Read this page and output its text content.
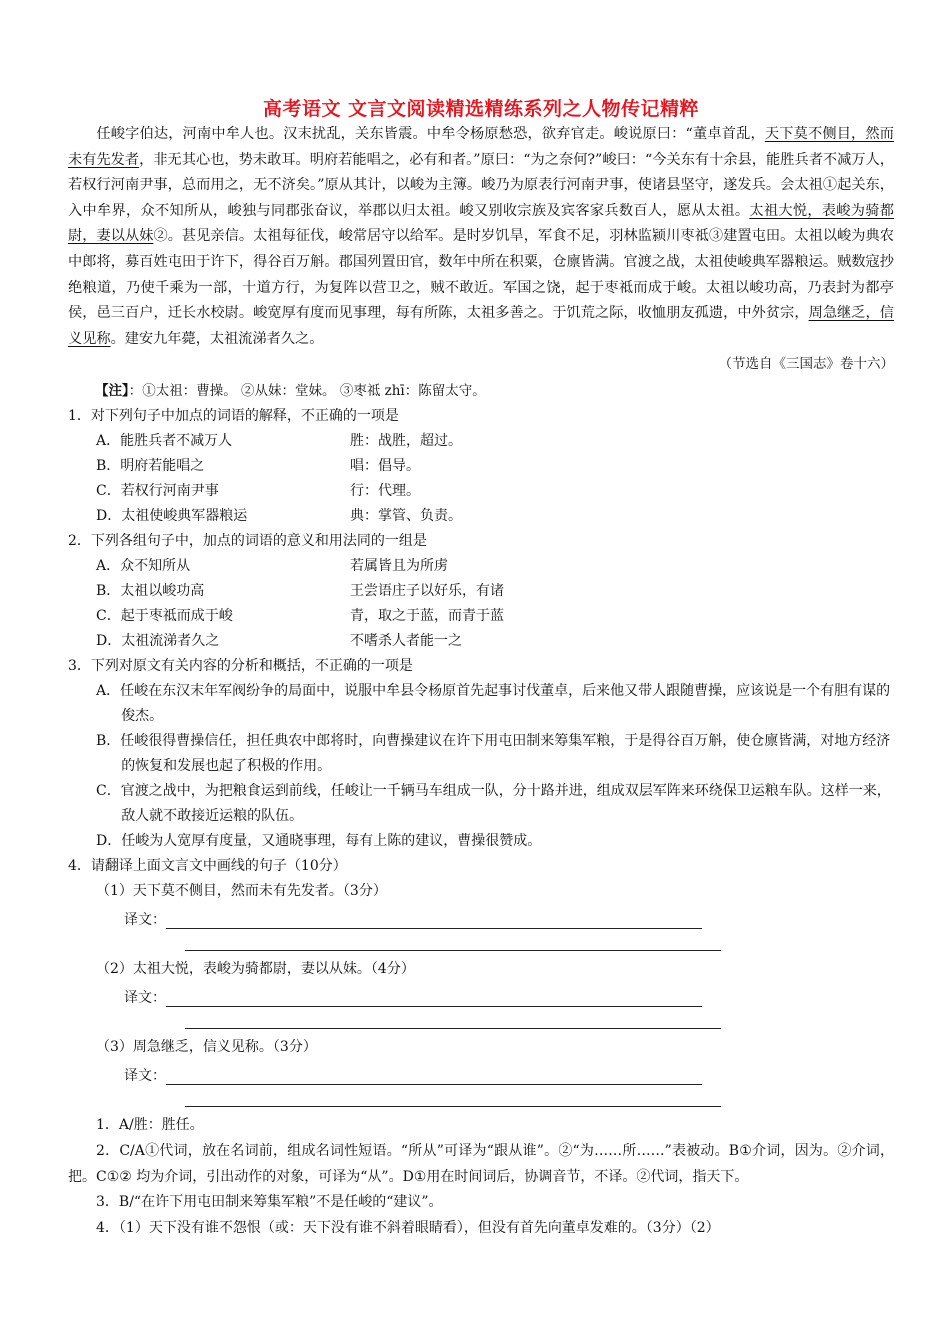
高考语文 文言文阅读精选精练系列之人物传记精粹

任峻字伯达，河南中牟人也。汉末扰乱，关东皆震。中牟令杨原愁恐，欲弃官走。峻说原曰：“董卓首乱，天下莫不侧目，然而未有先发者，非无其心也，势未敢耳。明府若能唱之，必有和者。”原曰：“为之奈何?”峻曰：“今关东有十余县，能胜兵者不减万人，若权行河南尹事，总而用之，无不济矣。”原从其计，以峻为主簿。峻乃为原表行河南尹事，使诸县坚守，遂发兵。会太祖①起关东，入中牟界，众不知所从，峻独与同郡张奋议，举郡以归太祖。峻又别收宗族及宾客家兵数百人，愿从太祖。太祖大悦，表峻为骑都尉，妻以从妹②。甚见亲信。太祖每征伐，峻常居守以给军。是时岁饥旱，军食不足，羽林监颍川枣祗③建置屯田。太祖以峻为典农中郎将，募百姓屯田于许下，得谷百万斛。郡国列置田官，数年中所在积粟，仓廪皆满。官渡之战，太祖使峻典军器粮运。贼数寇抄绝粮道，乃使千乘为一部，十道方行，为复阵以营卫之，贼不敢近。军国之饶，起于枣祗而成于峻。太祖以峻功高，乃表封为都亭侯，邑三百户，迁长水校尉。峻宽厚有度而见事理，每有所陈，太祖多善之。于饥荒之际，收恤朋友孤遗，中外贫宗，周急继乏，信义见称。建安九年薨，太祖流涕者久之。

（节选自《三国志》卷十六）

【注】：①太祖：曹操。 ②从妹：堂妹。 ③枣祗 zhī：陈留太守。

1．对下列句子中加点的词语的解释，不正确的一项是

A．能胜兵者不减万人	胜：战胜，超过。
B．明府若能唱之	唱：倡导。
C．若权行河南尹事	行：代理。
D．太祖使峻典军器粮运	典：掌管、负责。

2．下列各组句子中，加点的词语的意义和用法同的一组是

A．众不知所从	若属皆且为所虏
B．太祖以峻功高	王尝语庄子以好乐，有诸
C．起于枣祗而成于峻	青，取之于蓝，而青于蓝
D．太祖流涕者久之	不嗜杀人者能一之

3．下列对原文有关内容的分析和概括，不正确的一项是

A．任峻在东汉末年军阀纷争的局面中，说服中牟县令杨原首先起事讨伐董卓，后来他又带人跟随曹操，应该说是一个有胆有谋的俊杰。
B．任峻很得曹操信任，担任典农中郎将时，向曹操建议在许下用屯田制来筹集军粮，于是得谷百万斛，使仓廪皆满，对地方经济的恢复和发展也起了积极的作用。
C．官渡之战中，为把粮食运到前线，任峻让一千辆马车组成一队，分十路并进，组成双层军阵来环绕保卫运粮车队。这样一来，敌人就不敢接近运粮的队伍。
D．任峻为人宽厚有度量，又通晓事理，每有上陈的建议，曹操很赞成。

4．请翻译上面文言文中画线的句子（10分）

（1）天下莫不侧目，然而未有先发者。（3分）

译文：

（2）太祖大悦，表峻为骑都尉，妻以从妹。（4分）

译文：

（3）周急继乏，信义见称。（3分）

译文：

1．A/胜：胜任。

2．C/A①代词，放在名词前，组成名词性短语。“所从”可译为“跟从谁”。②“为……所……”表被动。B①介词，因为。②介词，把。C①② 均为介词，引出动作的对象，可译为“从”。D①用在时间词后，协调音节，不译。②代词，指天下。

3．B/“在许下用屯田制来筹集军粮”不是任峻的“建议”。

4．（1）天下没有谁不怨恨（或：天下没有谁不斜着眼睛看），但没有首先向董卓发难的。（3分）（2）
